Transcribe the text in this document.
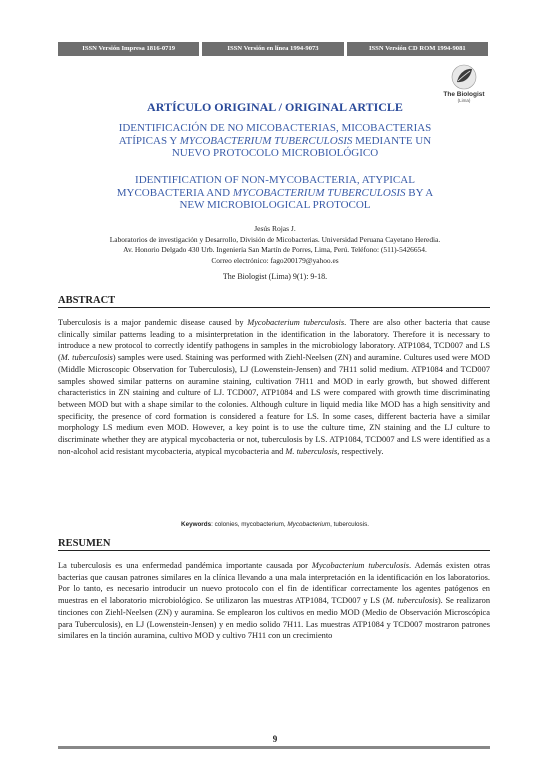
ISSN Versión Impresa 1816-0719	ISSN Versión en línea 1994-9073	ISSN Versión CD ROM 1994-9081
The Biologist
(Lima)
ARTÍCULO ORIGINAL / ORIGINAL ARTICLE
IDENTIFICACIÓN DE NO MICOBACTERIAS, MICOBACTERIAS
ATÍPICAS Y MYCOBACTERIUM TUBERCULOSIS MEDIANTE UN
NUEVO PROTOCOLO MICROBIOLÓGICO
IDENTIFICATION OF NON-MYCOBACTERIA, ATYPICAL
MYCOBACTERIA AND MYCOBACTERIUM TUBERCULOSIS BY A
NEW MICROBIOLOGICAL PROTOCOL
Jesús Rojas J.
Laboratorios de investigación y Desarrollo, División de Micobacterias. Universidad Peruana Cayetano Heredia.
Av. Honorio Delgado 430 Urb. Ingeniería San Martín de Porres, Lima, Perú. Teléfono: (511)-5426654.
Correo electrónico: fago200179@yahoo.es
The Biologist (Lima) 9(1): 9-18.
ABSTRACT
Tuberculosis is a major pandemic disease caused by Mycobacterium tuberculosis. There are also other bacteria that cause clinically similar patterns leading to a misinterpretation in the identification in the laboratory. Therefore it is necessary to introduce a new protocol to correctly identify pathogens in samples in the microbiology laboratory. ATP1084, TCD007 and LS (M. tuberculosis) samples were used. Staining was performed with Ziehl-Neelsen (ZN) and auramine. Cultures used were MOD (Middle Microscopic Observation for Tuberculosis), LJ (Lowenstein-Jensen) and 7H11 solid medium. ATP1084 and TCD007 samples showed similar patterns on auramine staining, cultivation 7H11 and MOD in early growth, but showed different characteristics in ZN staining and culture of LJ. TCD007, ATP1084 and LS were compared with growth time discriminating between MOD but with a shape similar to the colonies. Although culture in liquid media like MOD has a high sensitivity and specificity, the presence of cord formation is considered a feature for LS. In some cases, different bacteria have a similar morphology LS medium even MOD. However, a key point is to use the culture time, ZN staining and the LJ culture to discriminate whether they are atypical mycobacteria or not, tuberculosis by LS. ATP1084, TCD007 and LS were identified as a non-alcohol acid resistant mycobacteria, atypical mycobacteria and M. tuberculosis, respectively.
Keywords: colonies, mycobacterium, Mycobacterium, tuberculosis.
RESUMEN
La tuberculosis es una enfermedad pandémica importante causada por Mycobacterium tuberculosis. Además existen otras bacterias que causan patrones similares en la clínica llevando a una mala interpretación en la identificación en los laboratorios. Por lo tanto, es necesario introducir un nuevo protocolo con el fin de identificar correctamente los agentes patógenos en muestras en el laboratorio microbiológico. Se utilizaron las muestras ATP1084, TCD007 y LS (M. tuberculosis). Se realizaron tinciones con Ziehl-Neelsen (ZN) y auramina. Se emplearon los cultivos en medio MOD (Medio de Observación Microscópica para Tuberculosis), en LJ (Lowenstein-Jensen) y en medio solido 7H11. Las muestras ATP1084 y TCD007 mostraron patrones similares en la tinción auramina, cultivo MOD y cultivo 7H11 con un crecimiento
9
